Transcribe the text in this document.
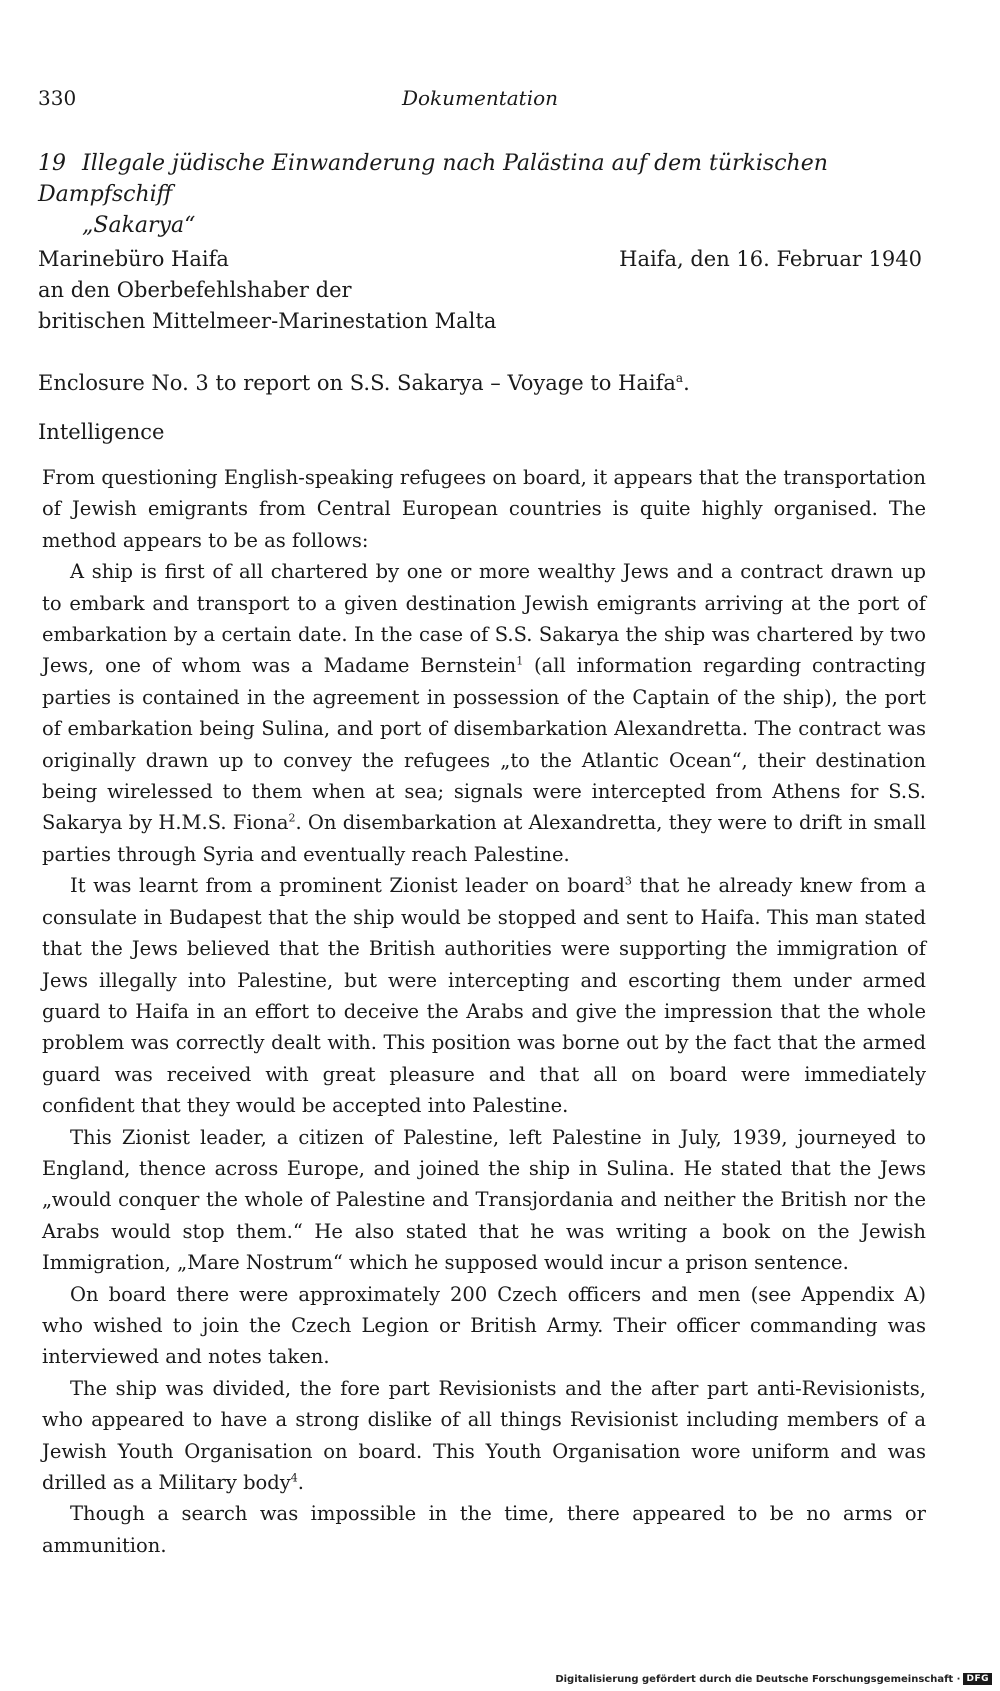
330	Dokumentation
19 Illegale jüdische Einwanderung nach Palästina auf dem türkischen Dampfschiff
„Sakarya“
Marinebüro Haifa
an den Oberbefehlshaber der
britischen Mittelmeer-Marinestation Malta
Haifa, den 16. Februar 1940
Enclosure No. 3 to report on S.S. Sakarya – Voyage to Haifa$^a$.
Intelligence

From questioning English-speaking refugees on board, it appears that the transportation of Jewish emigrants from Central European countries is quite highly organised. The method appears to be as follows:

A ship is first of all chartered by one or more wealthy Jews and a contract drawn up to embark and transport to a given destination Jewish emigrants arriving at the port of embarkation by a certain date. In the case of S.S. Sakarya the ship was chartered by two Jews, one of whom was a Madame Bernstein$^1$ (all information regarding contracting parties is contained in the agreement in possession of the Captain of the ship), the port of embarkation being Sulina, and port of disembarkation Alexandretta. The contract was originally drawn up to convey the refugees „to the Atlantic Ocean“, their destination being wirelessed to them when at sea; signals were intercepted from Athens for S.S. Sakarya by H.M.S. Fiona$^2$. On disembarkation at Alexandretta, they were to drift in small parties through Syria and eventually reach Palestine.

It was learnt from a prominent Zionist leader on board$^3$ that he already knew from a consulate in Budapest that the ship would be stopped and sent to Haifa. This man stated that the Jews believed that the British authorities were supporting the immigration of Jews illegally into Palestine, but were intercepting and escorting them under armed guard to Haifa in an effort to deceive the Arabs and give the impression that the whole problem was correctly dealt with. This position was borne out by the fact that the armed guard was received with great pleasure and that all on board were immediately confident that they would be accepted into Palestine.

This Zionist leader, a citizen of Palestine, left Palestine in July, 1939, journeyed to England, thence across Europe, and joined the ship in Sulina. He stated that the Jews „would conquer the whole of Palestine and Transjordania and neither the British nor the Arabs would stop them.“ He also stated that he was writing a book on the Jewish Immigration, „Mare Nostrum“ which he supposed would incur a prison sentence.

On board there were approximately 200 Czech officers and men (see Appendix A) who wished to join the Czech Legion or British Army. Their officer commanding was interviewed and notes taken.

The ship was divided, the fore part Revisionists and the after part anti-Revisionists, who appeared to have a strong dislike of all things Revisionist including members of a Jewish Youth Organisation on board. This Youth Organisation wore uniform and was drilled as a Military body$^4$.

Though a search was impossible in the time, there appeared to be no arms or ammunition.

Digitalisierung gefördert durch die Deutsche Forschungsgemeinschaft · DFG
